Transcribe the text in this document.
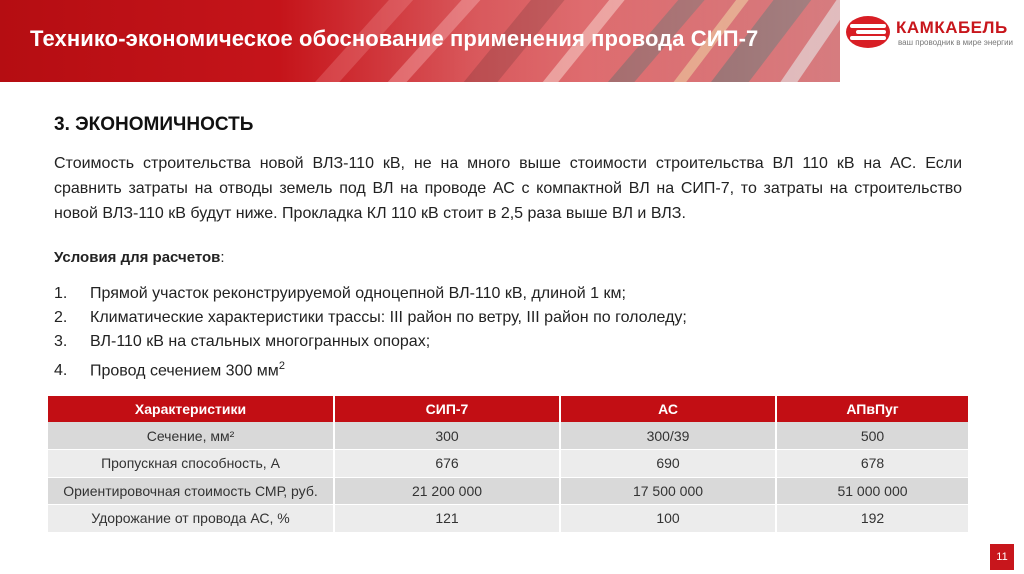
Технико-экономическое обоснование применения провода СИП-7	КАМКАБЕЛЬ
ваш проводник в мире энергии
3. ЭКОНОМИЧНОСТЬ

Стоимость строительства новой ВЛЗ-110 кВ, не на много выше стоимости строительства ВЛ 110 кВ на АС. Если сравнить затраты на отводы земель под ВЛ на проводе АС с компактной ВЛ на СИП-7, то затраты на строительство новой ВЛЗ-110 кВ будут ниже. Прокладка КЛ 110 кВ стоит в 2,5 раза выше ВЛ и ВЛЗ.

Условия для расчетов:
1. Прямой участок реконструируемой одноцепной ВЛ-110 кВ, длиной 1 км;
2. Климатические характеристики трассы: III район по ветру, III район по гололеду;
3. ВЛ-110 кВ на стальных многогранных опорах;
4. Провод сечением 300 $мм^2$
Характеристики	СИП-7	АС	АПвПуг
Сечение, мм²	300	300/39	500
Пропускная способность, А	676	690	678
Ориентировочная стоимость СМР, руб.	21 200 000	17 500 000	51 000 000
Удорожание от провода АС, %	121	100	192
11
